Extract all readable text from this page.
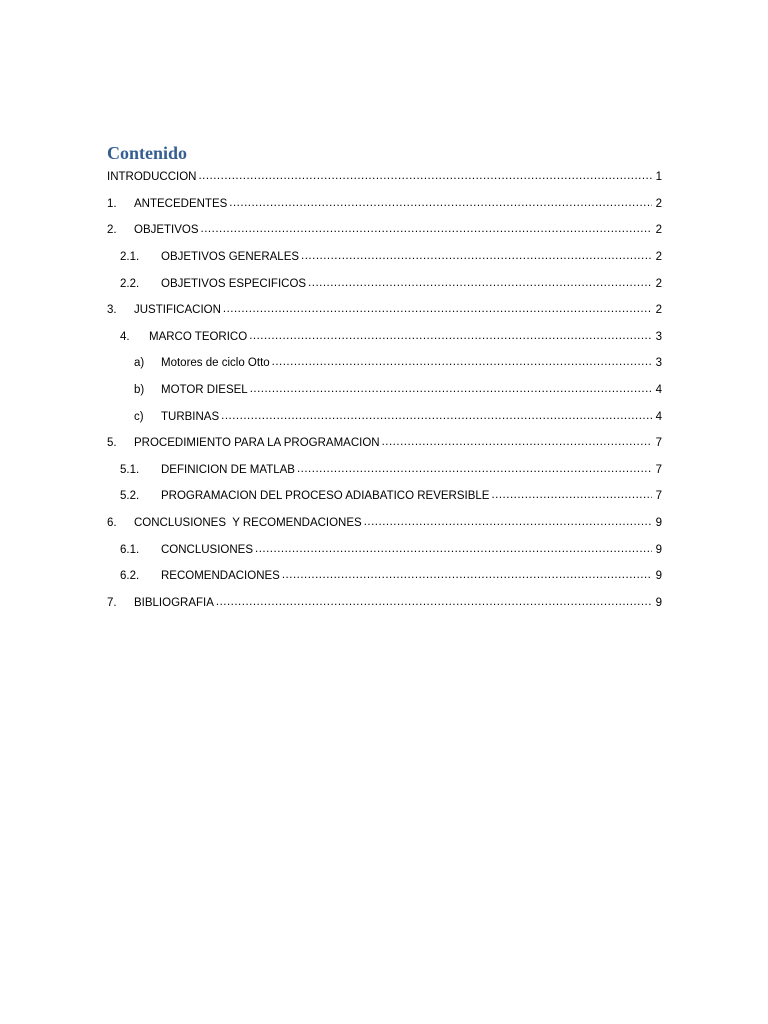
Contenido
INTRODUCCION .....	1
1.	ANTECEDENTES .....	2
2.	OBJETIVOS .....	2
2.1.	OBJETIVOS GENERALES .....	2
2.2.	OBJETIVOS ESPECIFICOS .....	2
3.	JUSTIFICACION .....	2
4.	MARCO TEORICO .....	3
a)	Motores de ciclo Otto .....	3
b)	MOTOR DIESEL .....	4
c)	TURBINAS .....	4
5.	PROCEDIMIENTO PARA LA PROGRAMACION .....	7
5.1.	DEFINICION DE MATLAB .....	7
5.2.	PROGRAMACION DEL PROCESO ADIABATICO REVERSIBLE .....	7
6.	CONCLUSIONES  Y RECOMENDACIONES .....	9
6.1.	CONCLUSIONES .....	9
6.2.	RECOMENDACIONES .....	9
7.	BIBLIOGRAFIA .....	9
